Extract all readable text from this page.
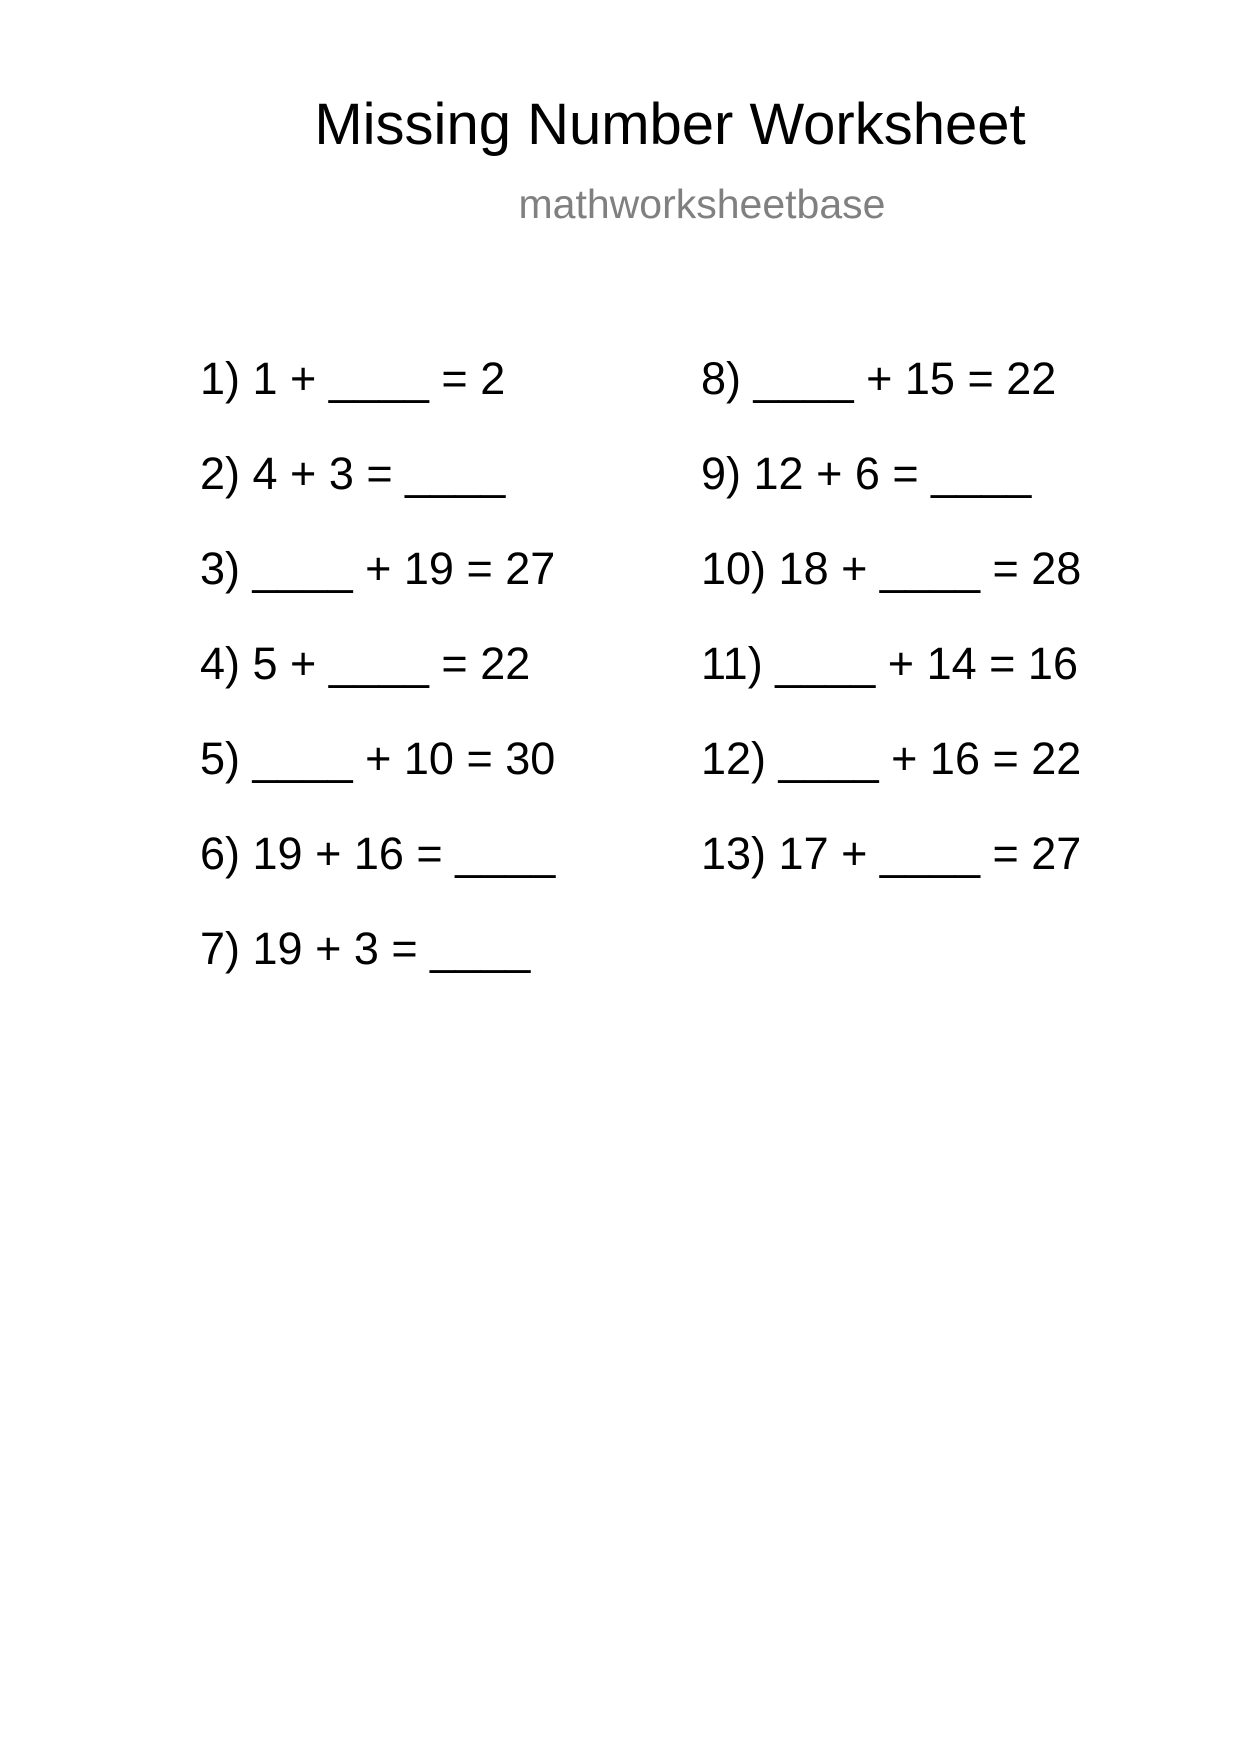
Missing Number Worksheet
mathworksheetbase
1) 1 + ____ = 2
2) 4 + 3 = ____
3) ____ + 19 = 27
4) 5 + ____ = 22
5) ____ + 10 = 30
6) 19 + 16 = ____
7) 19 + 3 = ____
8) ____ + 15 = 22
9) 12 + 6 = ____
10) 18 + ____ = 28
11) ____ + 14 = 16
12) ____ + 16 = 22
13) 17 + ____ = 27
